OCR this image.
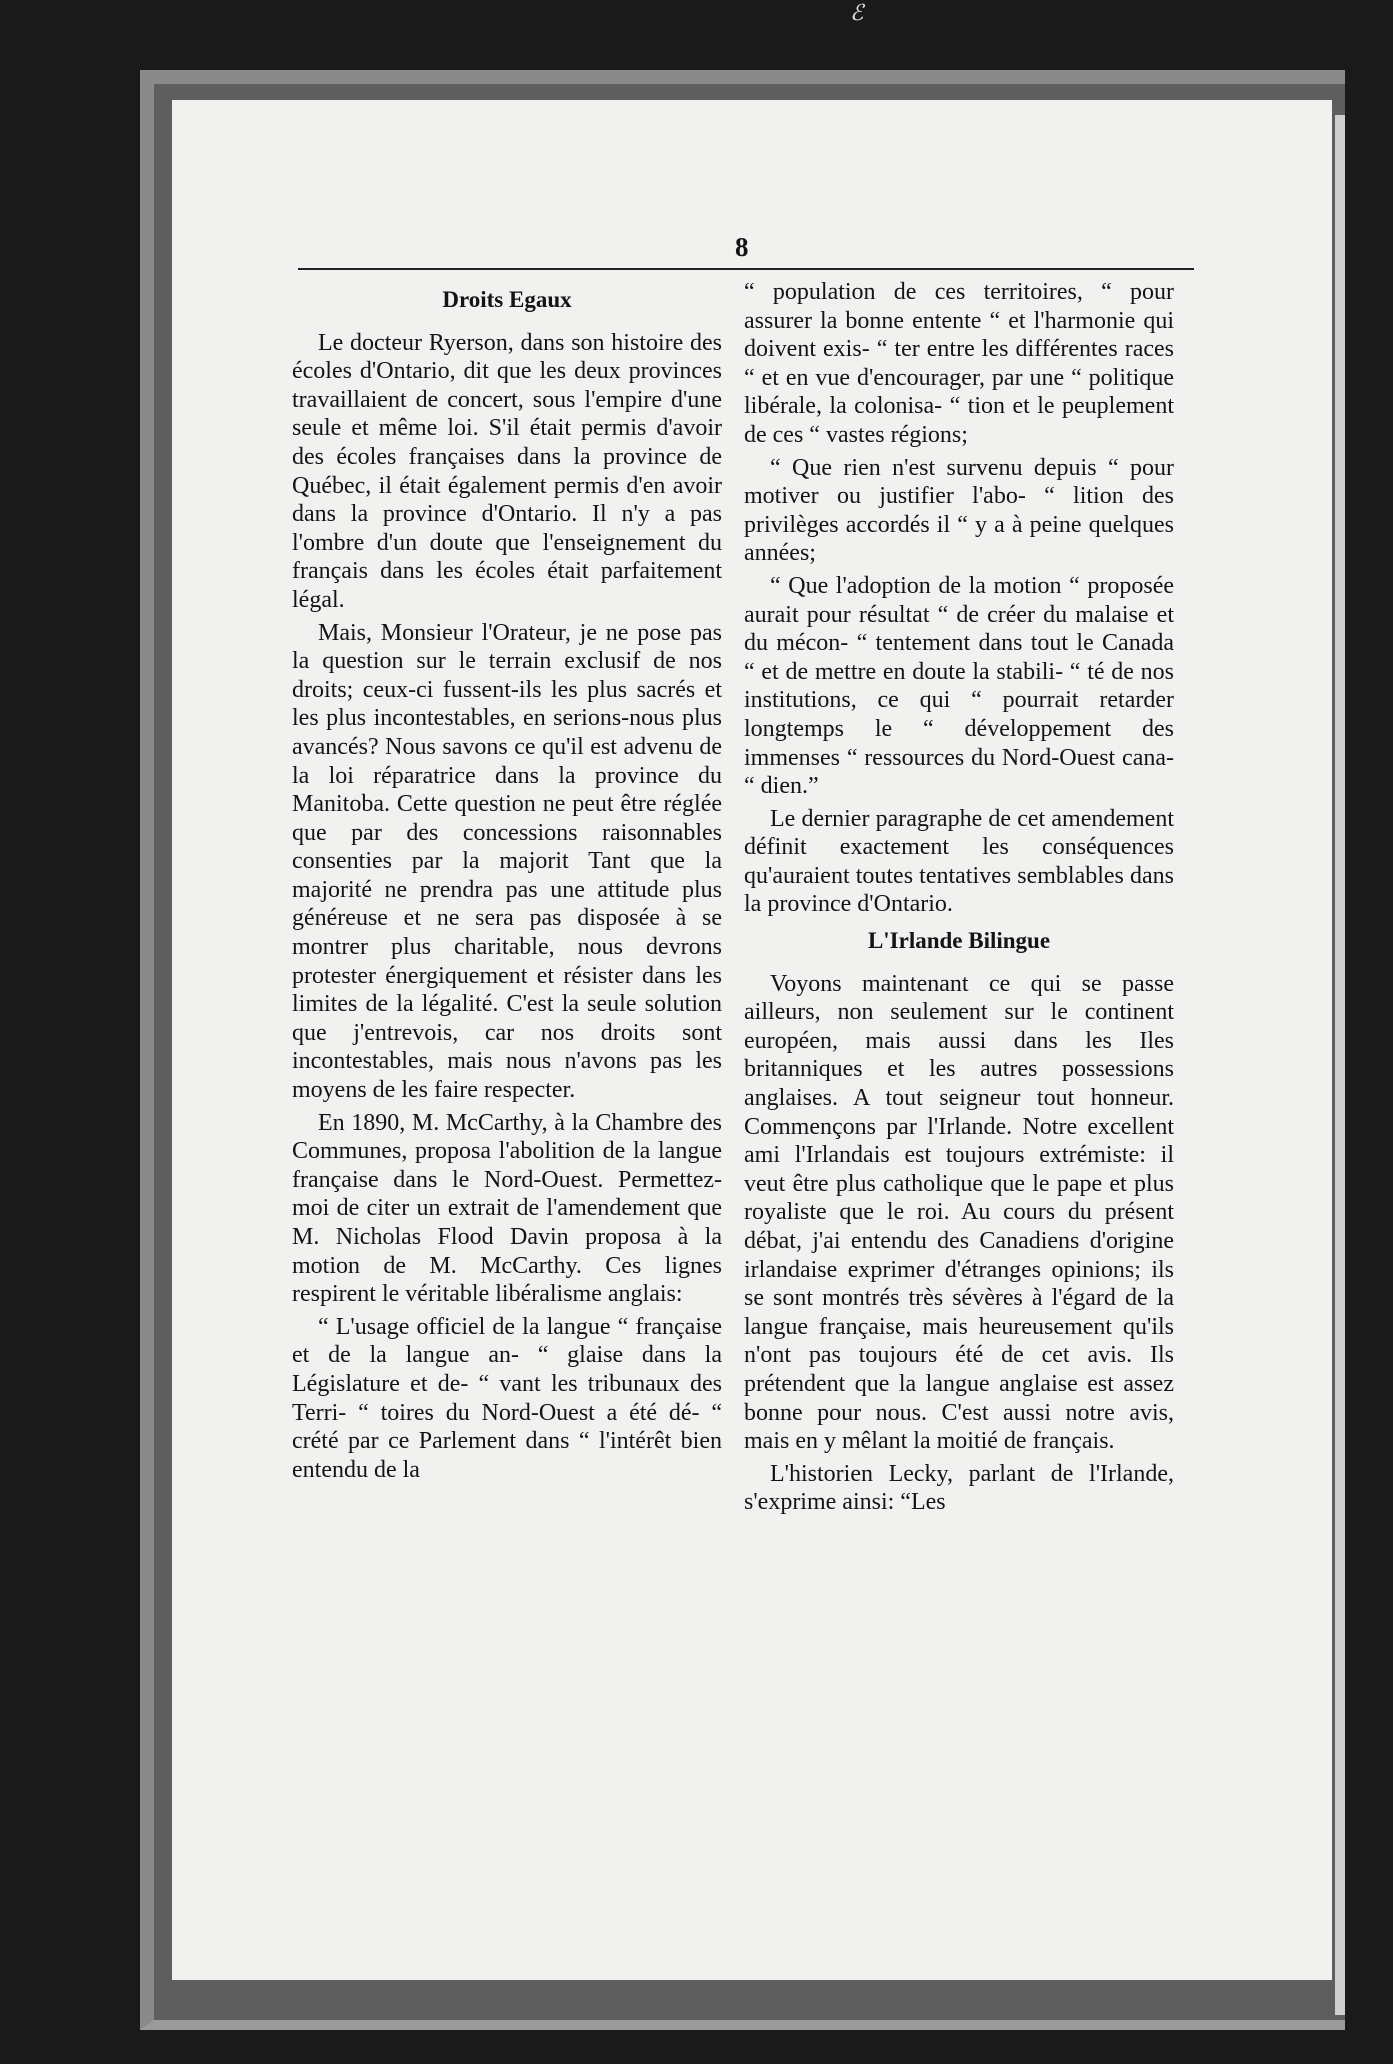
ℰ
8
Droits Egaux

Le docteur Ryerson, dans son histoire des écoles d'Ontario, dit que les deux provinces travaillaient de concert, sous l'empire d'une seule et même loi. S'il était permis d'avoir des écoles françaises dans la province de Québec, il était également permis d'en avoir dans la province d'Ontario. Il n'y a pas l'ombre d'un doute que l'enseignement du français dans les écoles était parfaitement légal.

Mais, Monsieur l'Orateur, je ne pose pas la question sur le terrain exclusif de nos droits; ceux-ci fussent-ils les plus sacrés et les plus incontestables, en serions-nous plus avancés? Nous savons ce qu'il est advenu de la loi réparatrice dans la province du Manitoba. Cette question ne peut être réglée que par des concessions raisonnables consenties par la majorit Tant que la majorité ne prendra pas une attitude plus généreuse et ne sera pas disposée à se montrer plus charitable, nous devrons protester énergiquement et résister dans les limites de la légalité. C'est la seule solution que j'entrevois, car nos droits sont incontestables, mais nous n'avons pas les moyens de les faire respecter.

En 1890, M. McCarthy, à la Chambre des Communes, proposa l'abolition de la langue française dans le Nord-Ouest. Permettez-moi de citer un extrait de l'amendement que M. Nicholas Flood Davin proposa à la motion de M. McCarthy. Ces lignes respirent le véritable libéralisme anglais:

“ L'usage officiel de la langue “ française et de la langue an- “ glaise dans la Législature et de- “ vant les tribunaux des Terri- “ toires du Nord-Ouest a été dé- “ crété par ce Parlement dans “ l'intérêt bien entendu de la

“ population de ces territoires, “ pour assurer la bonne entente “ et l'harmonie qui doivent exis- “ ter entre les différentes races “ et en vue d'encourager, par une “ politique libérale, la colonisa- “ tion et le peuplement de ces “ vastes régions;

“ Que rien n'est survenu depuis “ pour motiver ou justifier l'abo- “ lition des privilèges accordés il “ y a à peine quelques années;

“ Que l'adoption de la motion “ proposée aurait pour résultat “ de créer du malaise et du mécon- “ tentement dans tout le Canada “ et de mettre en doute la stabili- “ té de nos institutions, ce qui “ pourrait retarder longtemps le “ développement des immenses “ ressources du Nord-Ouest cana- “ dien.”

Le dernier paragraphe de cet amendement définit exactement les conséquences qu'auraient toutes tentatives semblables dans la province d'Ontario.

L'Irlande Bilingue

Voyons maintenant ce qui se passe ailleurs, non seulement sur le continent européen, mais aussi dans les Iles britanniques et les autres possessions anglaises. A tout seigneur tout honneur. Commençons par l'Irlande. Notre excellent ami l'Irlandais est toujours extrémiste: il veut être plus catholique que le pape et plus royaliste que le roi. Au cours du présent débat, j'ai entendu des Canadiens d'origine irlandaise exprimer d'étranges opinions; ils se sont montrés très sévères à l'égard de la langue française, mais heureusement qu'ils n'ont pas toujours été de cet avis. Ils prétendent que la langue anglaise est assez bonne pour nous. C'est aussi notre avis, mais en y mêlant la moitié de français.

L'historien Lecky, parlant de l'Irlande, s'exprime ainsi: “Les
